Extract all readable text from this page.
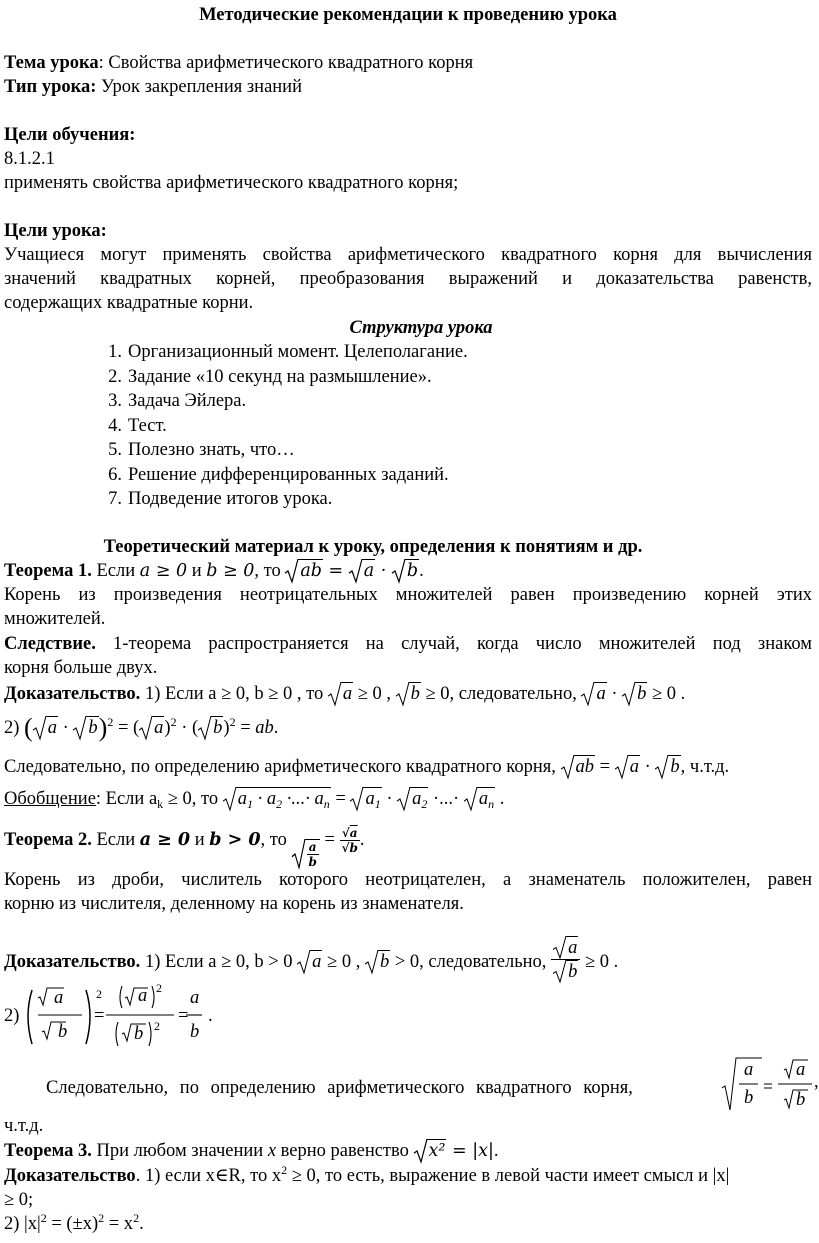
Методические рекомендации к проведению урока
Тема урока: Свойства арифметического квадратного корня
Тип урока: Урок закрепления знаний
Цели обучения:
8.1.2.1
применять свойства арифметического квадратного корня;
Цели урока:
Учащиеся могут применять свойства арифметического квадратного корня для вычисления
значений квадратных корней, преобразования выражений и доказательства равенств,
содержащих квадратные корни.
Структура урока
1. Организационный момент. Целеполагание.
2. Задание «10 секунд на размышление».
3. Задача Эйлера.
4. Тест.
5. Полезно знать, что…
6. Решение дифференцированных заданий.
7. Подведение итогов урока.
Теоретический материал к уроку, определения к понятиям и др.
Теорема 1. Если a ≥ 0 и b ≥ 0, то
ab =
a ·
b.
Корень из произведения неотрицательных множителей равен произведению корней этих
множителей.
Следствие. 1-теорема распространяется на случай, когда число множителей под знаком
корня больше двух.
Доказательство. 1) Если a ≥ 0, b ≥ 0 , то
a ≥ 0 ,
b ≥ 0, следовательно,
a ·
b ≥ 0 .
2) ( a ·
b)$^2$ = ( a)$^2$ · ( b)$^2$ = ab.
Следовательно, по определению арифметического квадратного корня,
ab =
a ·
b, ч.т.д.
Обобщение: Если $a_k \ge 0$, то
$a_1 \cdot a_2$ ·...· $a_n$ =
$a_1$ ·
$a_2$ ·...·
$a_n$ .
Теорема 2. Если a ≥ 0 и b > 0, то
$\frac{a}{b}$
= $\frac{√a}{√b}$ .
Корень из дроби, числитель которого неотрицателен, а знаменатель положителен, равен
корню из числителя, деленному на корень из знаменателя.
Доказательство. 1) Если a ≥ 0, b > 0
a ≥ 0 ,
b > 0, следовательно, $\frac{a}{b} \ge 0$ .
2)
a
b
2
=
a 2
b 2 =
a
b
.
Следовательно, по определению арифметического квадратного корня,
a
b
a
b
,
ч.т.д.
Теорема 3. При любом значении x верно равенство
x² = |x|.
Доказательство. 1) если x∈R, то $x^2 \ge 0$, то есть, выражение в левой части имеет смысл и |x|
≥ 0;
2) $|x|^2 = (\pm x)^2 = x^2$.
